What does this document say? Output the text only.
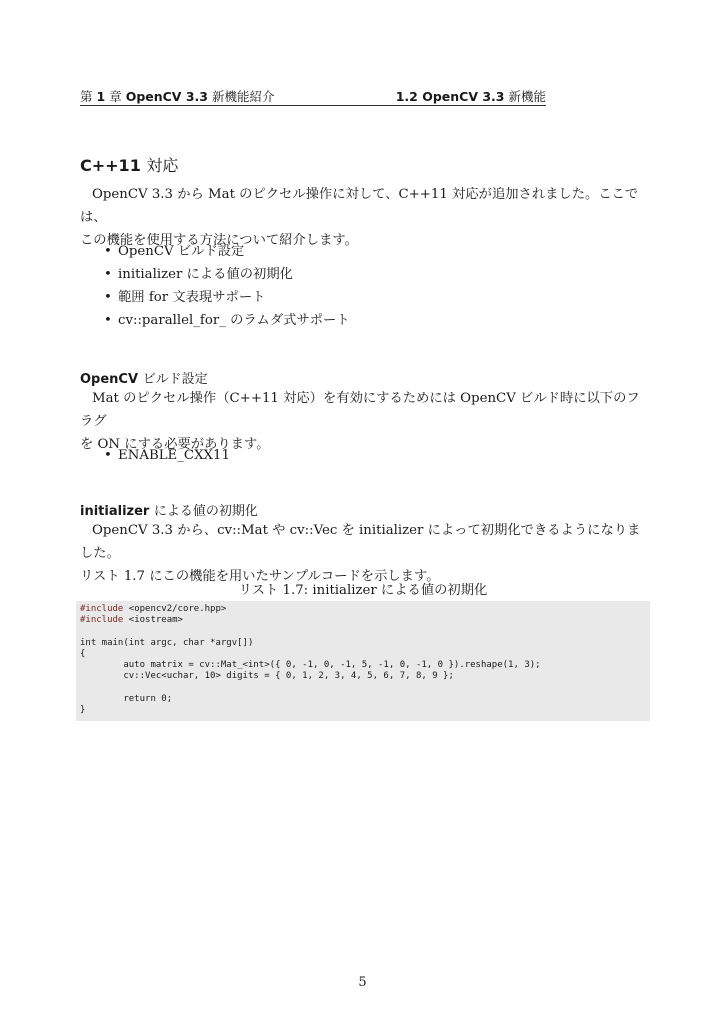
第 1 章 OpenCV 3.3 新機能紹介	1.2 OpenCV 3.3 新機能
C++11 対応
OpenCV 3.3 から Mat のピクセル操作に対して、C++11 対応が追加されました。ここでは、
この機能を使用する方法について紹介します。
• OpenCV ビルド設定
• initializer による値の初期化
• 範囲 for 文表現サポート
• cv::parallel_for_ のラムダ式サポート
OpenCV ビルド設定
Mat のピクセル操作（C++11 対応）を有効にするためには OpenCV ビルド時に以下のフラグ
を ON にする必要があります。
• ENABLE_CXX11
initializer による値の初期化
OpenCV 3.3 から、cv::Mat や cv::Vec を initializer によって初期化できるようになりました。
リスト 1.7 にこの機能を用いたサンプルコードを示します。
リスト 1.7: initializer による値の初期化
#include <opencv2/core.hpp>
#include <iostream>
int main(int argc, char *argv[])
{
auto matrix = cv::Mat_<int>({ 0, -1, 0, -1, 5, -1, 0, -1, 0 }).reshape(1, 3);
cv::Vec<uchar, 10> digits = { 0, 1, 2, 3, 4, 5, 6, 7, 8, 9 };
return 0;
}
5
